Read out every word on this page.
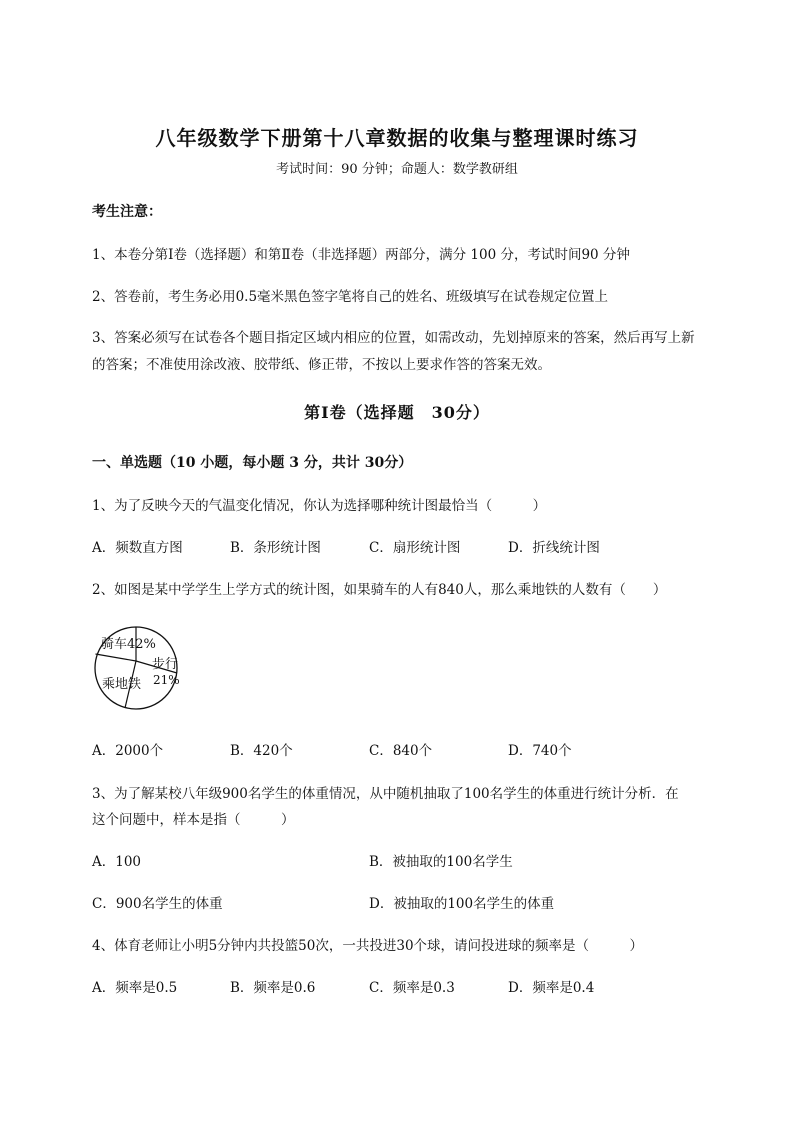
八年级数学下册第十八章数据的收集与整理课时练习
考试时间：90 分钟；命题人：数学教研组
考生注意：
1、本卷分第Ⅰ卷（选择题）和第Ⅱ卷（非选择题）两部分，满分 100 分，考试时间90 分钟
2、答卷前，考生务必用0.5毫米黑色签字笔将自己的姓名、班级填写在试卷规定位置上
3、答案必须写在试卷各个题目指定区域内相应的位置，如需改动，先划掉原来的答案，然后再写上新
的答案；不准使用涂改液、胶带纸、修正带，不按以上要求作答的答案无效。
第Ⅰ卷（选择题　30分）
一、单选题（10 小题，每小题 3 分，共计 30分）
1、为了反映今天的气温变化情况，你认为选择哪种统计图最恰当（　　　）
A．频数直方图	B．条形统计图	C．扇形统计图	D．折线统计图
2、如图是某中学学生上学方式的统计图，如果骑车的人有840人，那么乘地铁的人数有（　　）
骑车42%
步行
21%
乘地铁
A．2000个	B．420个	C．840个	D．740个
3、为了解某校八年级900名学生的体重情况，从中随机抽取了100名学生的体重进行统计分析．在
这个问题中，样本是指（　　　）
A．100	B．被抽取的100名学生
C．900名学生的体重	D．被抽取的100名学生的体重
4、体育老师让小明5分钟内共投篮50次，一共投进30个球，请问投进球的频率是（　　　）
A．频率是0.5	B．频率是0.6	C．频率是0.3	D．频率是0.4
